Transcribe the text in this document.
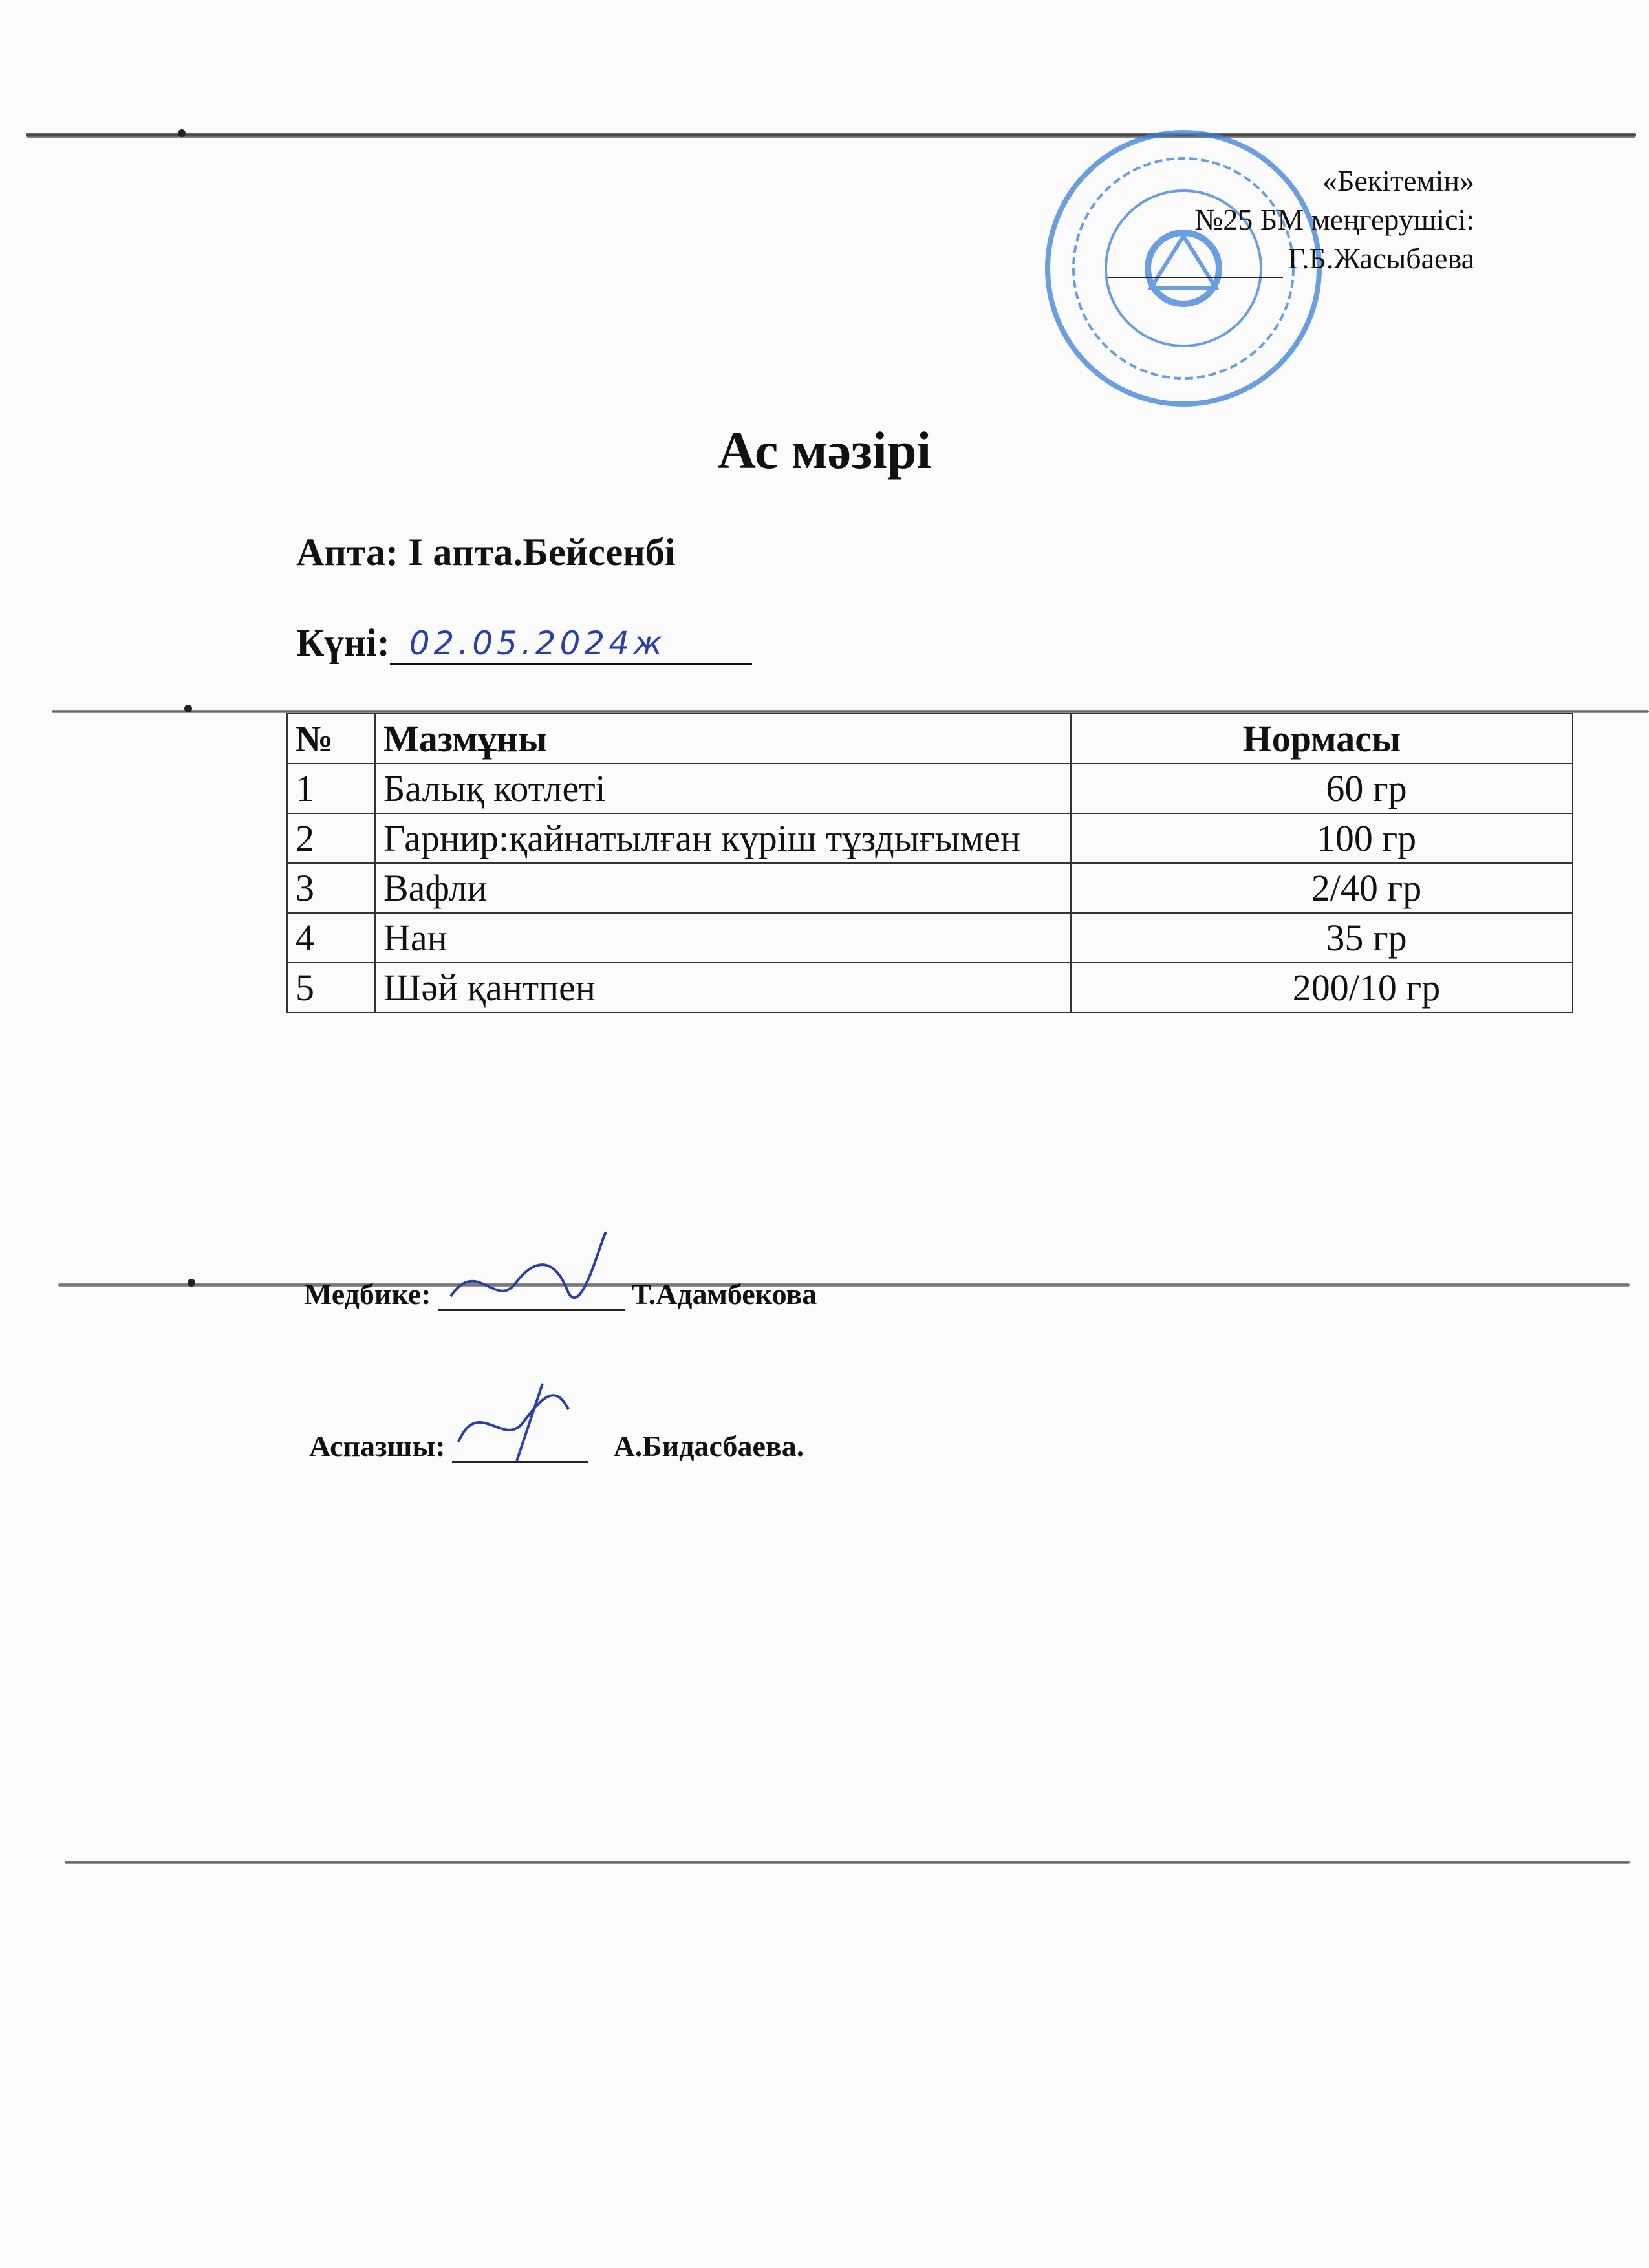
«Бекітемін»
№25 БМ меңгерушісі:
Г.Б.Жасыбаева
Ас мәзірі
Апта: I апта.Бейсенбі
Күні: 02.05.2024ж
№	Мазмұны	Нормасы
1	Балық котлеті	60 гр
2	Гарнир:қайнатылған күріш тұздығымен	100 гр
3	Вафли	2/40 гр
4	Нан	35 гр
5	Шәй қантпен	200/10 гр
Медбике:	Т.Адамбекова
Аспазшы:	А.Бидасбаева.
